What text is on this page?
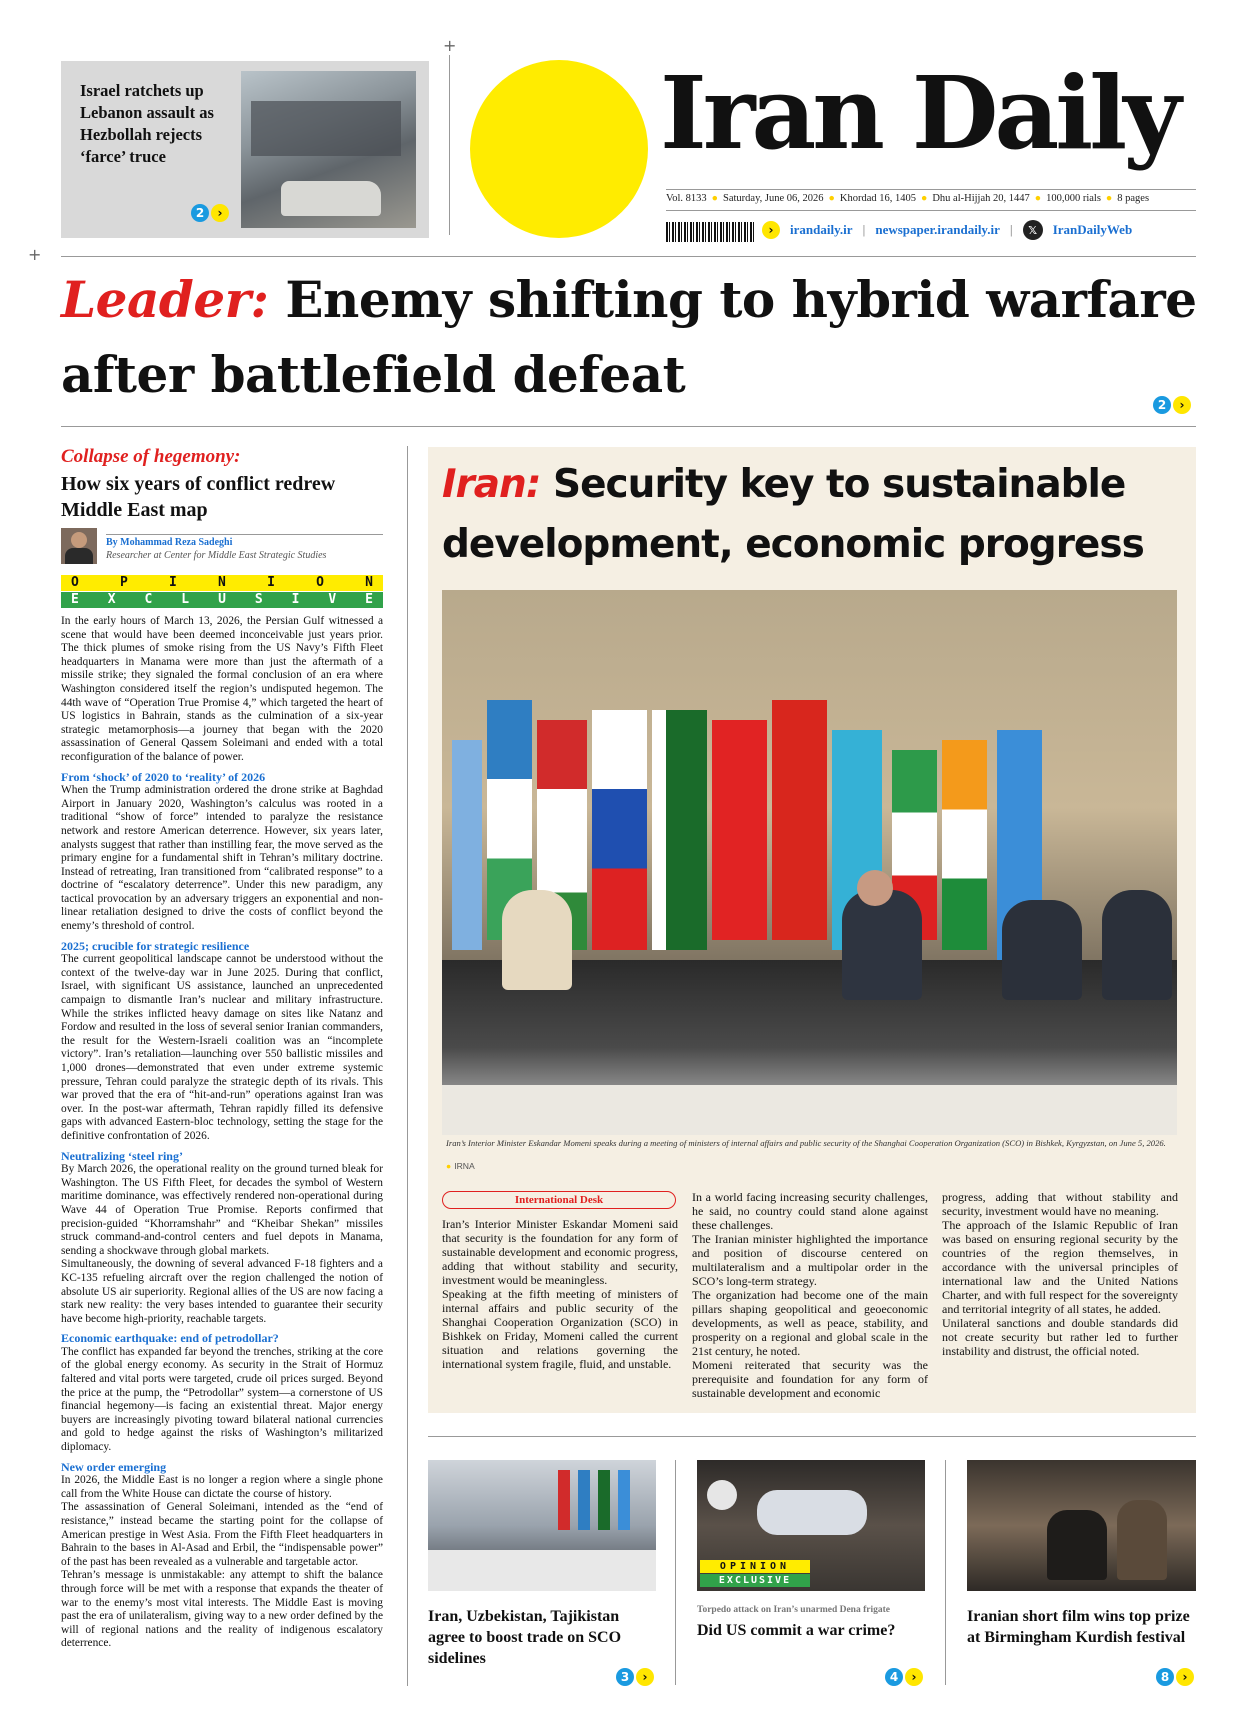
Israel ratchets up Lebanon assault as Hezbollah rejects ‘farce’ truce
2	›
+
+
Iran Daily
Vol. 8133 ● Saturday, June 06, 2026 ● Khordad 16, 1405 ● Dhu al-Hijjah 20, 1447 ● 100,000 rials ● 8 pages
›	irandaily.ir | newspaper.irandaily.ir |	𝕏	IranDailyWeb
Leader: Enemy shifting to hybrid warfare after battlefield defeat
2	›
Collapse of hegemony:
How six years of conflict redrew Middle East map
By Mohammad Reza Sadeghi
Researcher at Center for Middle East Strategic Studies
O	P	I	N	I	O	N
E X C L U S I V E

In the early hours of March 13, 2026, the Persian Gulf witnessed a scene that would have been deemed inconceivable just years prior. The thick plumes of smoke rising from the US Navy’s Fifth Fleet headquarters in Manama were more than just the aftermath of a missile strike; they signaled the formal conclusion of an era where Washington considered itself the region’s undisputed hegemon. The 44th wave of “Operation True Promise 4,” which targeted the heart of US logistics in Bahrain, stands as the culmination of a six-year strategic metamorphosis—a journey that began with the 2020 assassination of General Qassem Soleimani and ended with a total reconfiguration of the balance of power.

From ‘shock’ of 2020 to ‘reality’ of 2026

When the Trump administration ordered the drone strike at Baghdad Airport in January 2020, Washington’s calculus was rooted in a traditional “show of force” intended to paralyze the resistance network and restore American deterrence. However, six years later, analysts suggest that rather than instilling fear, the move served as the primary engine for a fundamental shift in Tehran’s military doctrine. Instead of retreating, Iran transitioned from “calibrated response” to a doctrine of “escalatory deterrence”. Under this new paradigm, any tactical provocation by an adversary triggers an exponential and non-linear retaliation designed to drive the costs of conflict beyond the enemy’s threshold of control.

2025; crucible for strategic resilience

The current geopolitical landscape cannot be understood without the context of the twelve-day war in June 2025. During that conflict, Israel, with significant US assistance, launched an unprecedented campaign to dismantle Iran’s nuclear and military infrastructure. While the strikes inflicted heavy damage on sites like Natanz and Fordow and resulted in the loss of several senior Iranian commanders, the result for the Western-Israeli coalition was an “incomplete victory”. Iran’s retaliation—launching over 550 ballistic missiles and 1,000 drones—demonstrated that even under extreme systemic pressure, Tehran could paralyze the strategic depth of its rivals. This war proved that the era of “hit-and-run” operations against Iran was over. In the post-war aftermath, Tehran rapidly filled its defensive gaps with advanced Eastern-bloc technology, setting the stage for the definitive confrontation of 2026.

Neutralizing ‘steel ring’

By March 2026, the operational reality on the ground turned bleak for Washington. The US Fifth Fleet, for decades the symbol of Western maritime dominance, was effectively rendered non-operational during Wave 44 of Operation True Promise. Reports confirmed that precision-guided “Khorramshahr” and “Kheibar Shekan” missiles struck command-and-control centers and fuel depots in Manama, sending a shockwave through global markets.

Simultaneously, the downing of several advanced F-18 fighters and a KC-135 refueling aircraft over the region challenged the notion of absolute US air superiority. Regional allies of the US are now facing a stark new reality: the very bases intended to guarantee their security have become high-priority, reachable targets.

Economic earthquake: end of petrodollar?

The conflict has expanded far beyond the trenches, striking at the core of the global energy economy. As security in the Strait of Hormuz faltered and vital ports were targeted, crude oil prices surged. Beyond the price at the pump, the “Petrodollar” system—a cornerstone of US financial hegemony—is facing an existential threat. Major energy buyers are increasingly pivoting toward bilateral national currencies and gold to hedge against the risks of Washington’s militarized diplomacy.

New order emerging

In 2026, the Middle East is no longer a region where a single phone call from the White House can dictate the course of history.

The assassination of General Soleimani, intended as the “end of resistance,” instead became the starting point for the collapse of American prestige in West Asia. From the Fifth Fleet headquarters in Bahrain to the bases in Al-Asad and Erbil, the “indispensable power” of the past has been revealed as a vulnerable and targetable actor.

Tehran’s message is unmistakable: any attempt to shift the balance through force will be met with a response that expands the theater of war to the enemy’s most vital interests. The Middle East is moving past the era of unilateralism, giving way to a new order defined by the will of regional nations and the reality of indigenous escalatory deterrence.

Iran: Security key to sustainable development, economic progress
Iran’s Interior Minister Eskandar Momeni speaks during a meeting of ministers of internal affairs and public security of the Shanghai Cooperation Organization (SCO) in Bishkek, Kyrgyzstan, on June 5, 2026.
● IRNA
International Desk
Iran’s Interior Minister Eskandar Momeni said that security is the foundation for any form of sustainable development and economic progress, adding that without stability and security, investment would be meaningless.
Speaking at the fifth meeting of ministers of internal affairs and public security of the Shanghai Cooperation Organization (SCO) in Bishkek on Friday, Momeni called the current situation and relations governing the international system fragile, fluid, and unstable.
In a world facing increasing security challenges, he said, no country could stand alone against these challenges.
The Iranian minister highlighted the importance and position of discourse centered on multilateralism and a multipolar order in the SCO’s long-term strategy.
The organization had become one of the main pillars shaping geopolitical and geoeconomic developments, as well as peace, stability, and prosperity on a regional and global scale in the 21st century, he noted.
Momeni reiterated that security was the prerequisite and foundation for any form of sustainable development and economic
progress, adding that without stability and security, investment would have no meaning.
The approach of the Islamic Republic of Iran was based on ensuring regional security by the countries of the region themselves, in accordance with the universal principles of international law and the United Nations Charter, and with full respect for the sovereignty and territorial integrity of all states, he added.
Unilateral sanctions and double standards did not create security but rather led to further instability and distrust, the official noted.
Iran, Uzbekistan, Tajikistan agree to boost trade on SCO sidelines
3	›
OPINION
EXCLUSIVE
Torpedo attack on Iran’s unarmed Dena frigate
Did US commit a war crime?
4	›
Iranian short film wins top prize at Birmingham Kurdish festival
8	›
